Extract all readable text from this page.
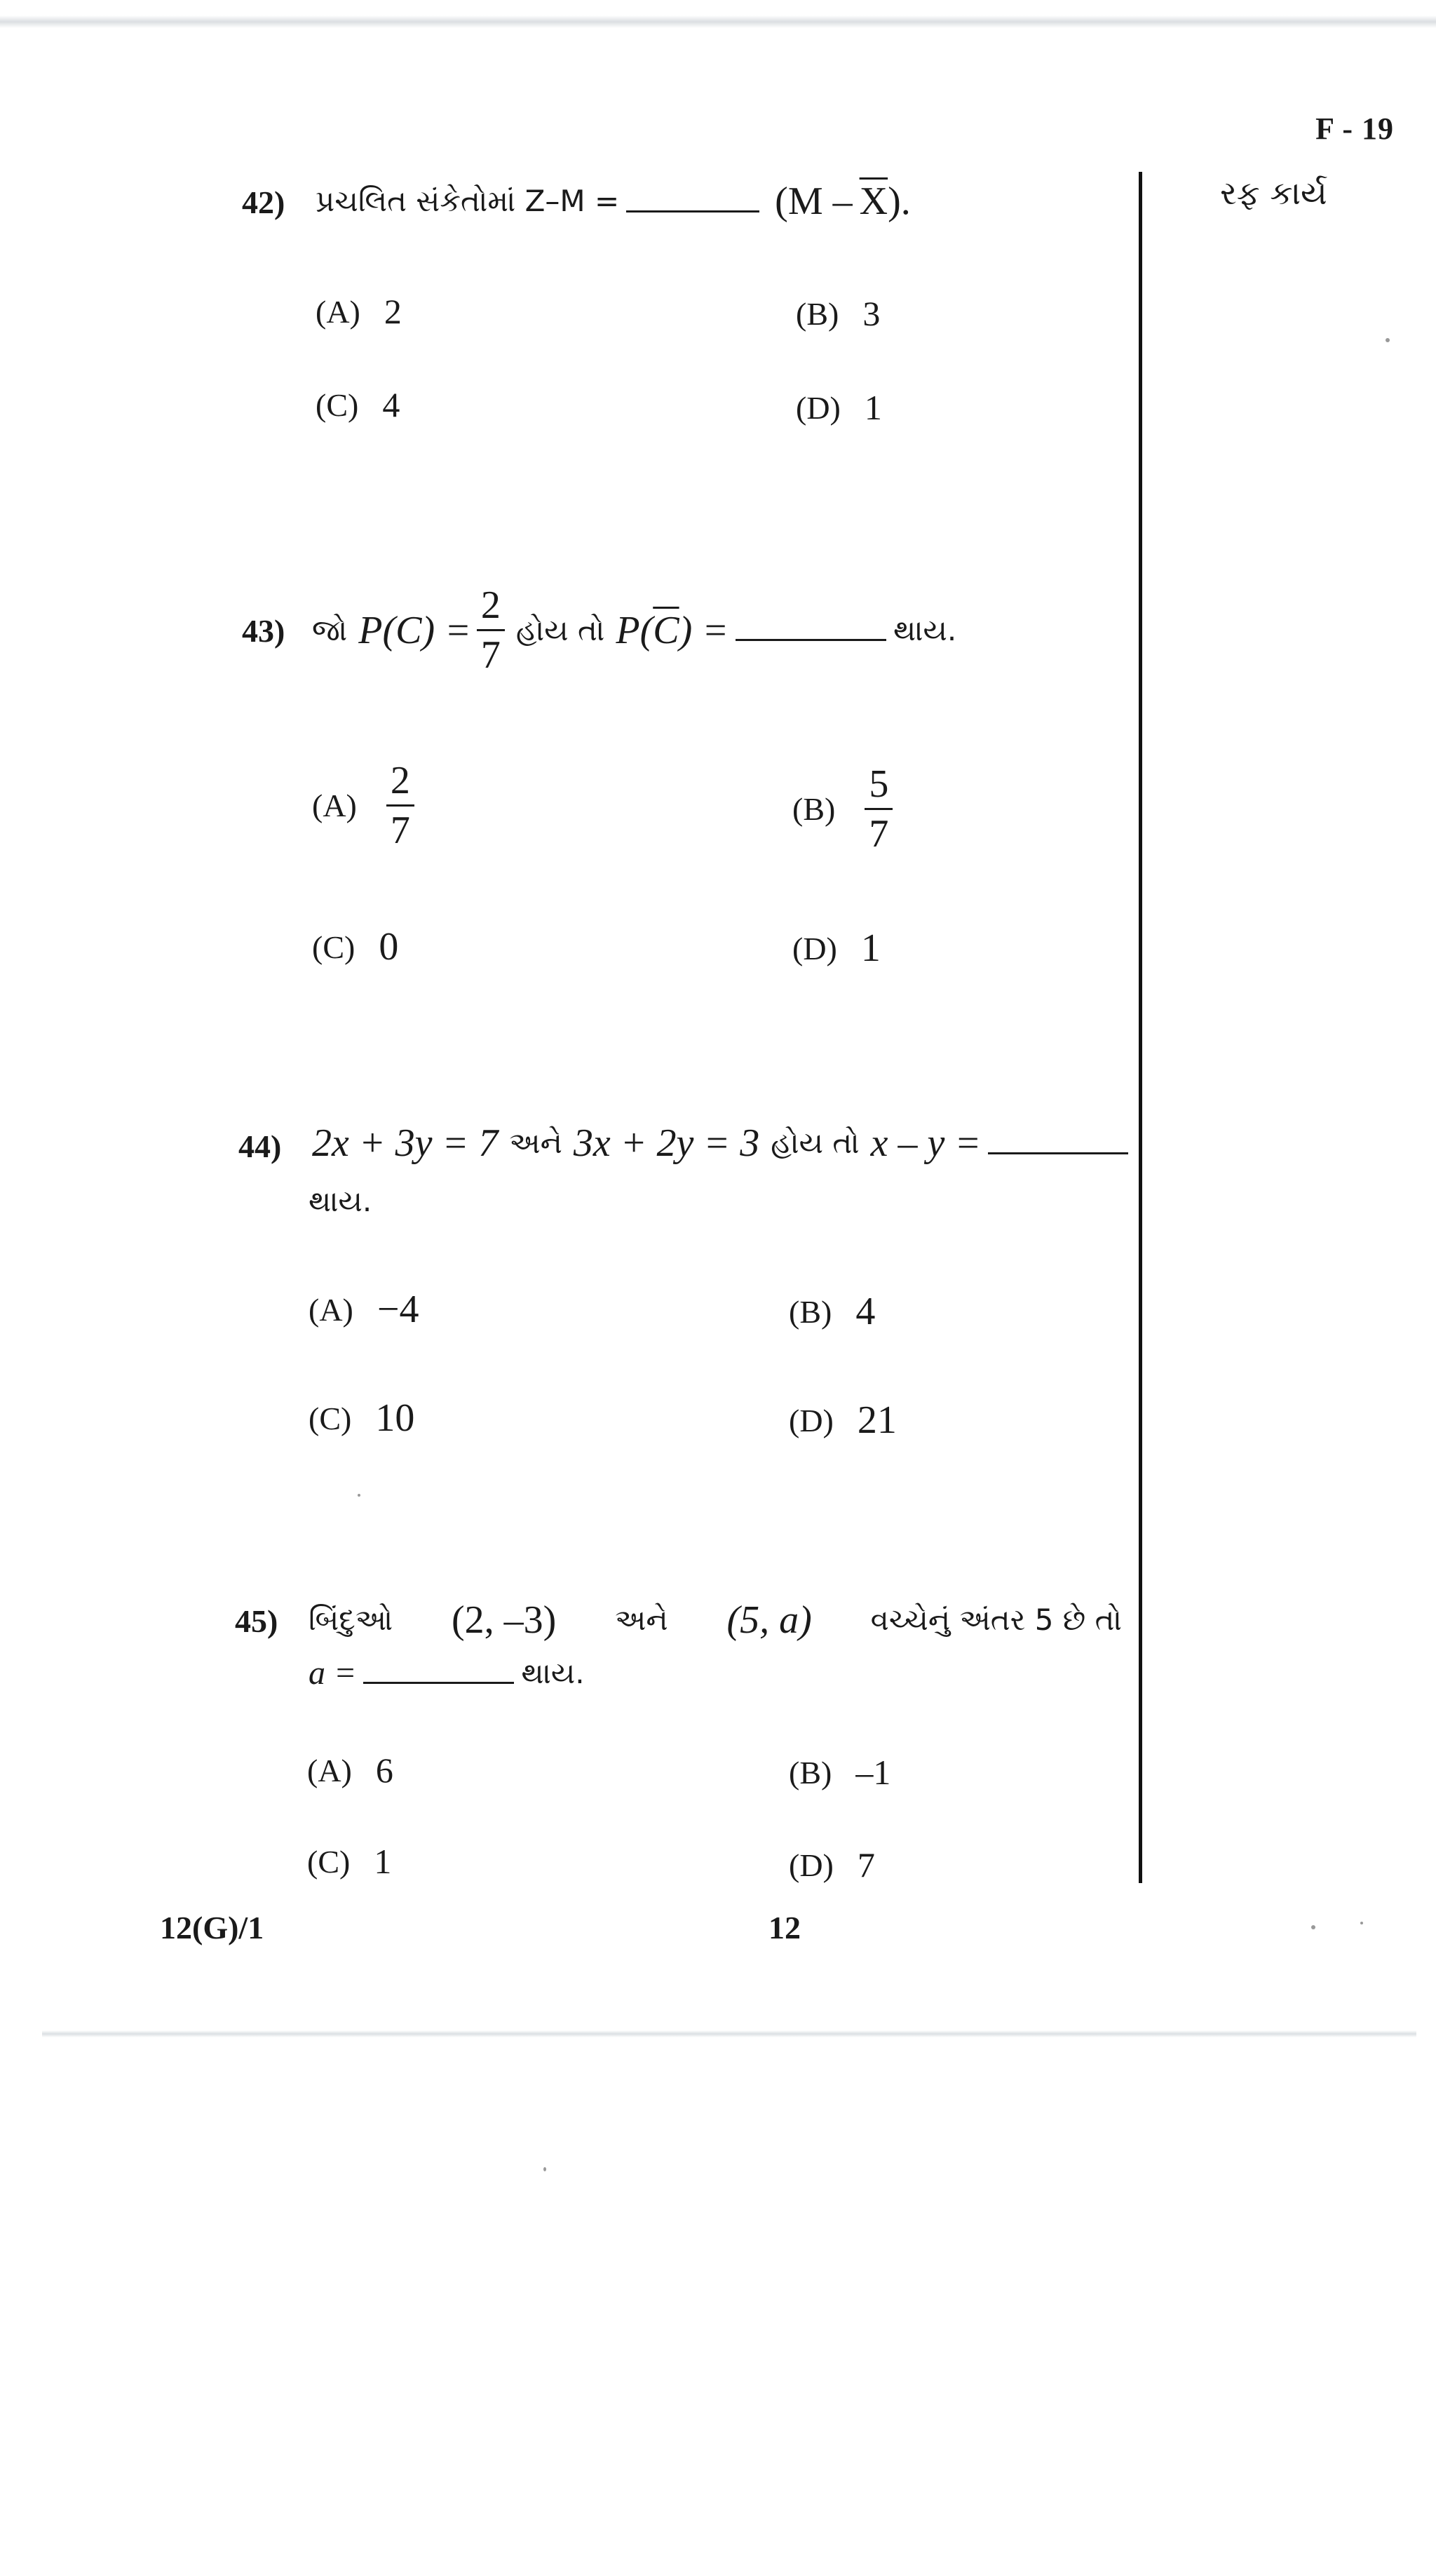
F - 19
રફ કાર્ય
42) પ્રચલિત સંકેતોમાં Z–M =	($M - \overline{X}$ ).
(A) 2	(B) 3
(C) 4	(D) 1
43) જો $P(C) = \frac{2}{7}$ હોય તો P( $\overline{C}$ ) =	થાય.
$(A) \frac{2}{7}$	$(B) \frac{5}{7}$
(C) 0	(D) 1
44) 2x + 3y = 7 અને 3x + 2y = 3 હોય તો x – y =
થાય.
(A) −4	(B) 4
(C) 10	(D) 21
45) બિંદુઓ (2, –3) અને (5, a) વચ્ચેનું અંતર 5 છે તો
a =	થાય.
(A) 6	(B) –1
(C) 1	(D) 7
12(G)/1	12
